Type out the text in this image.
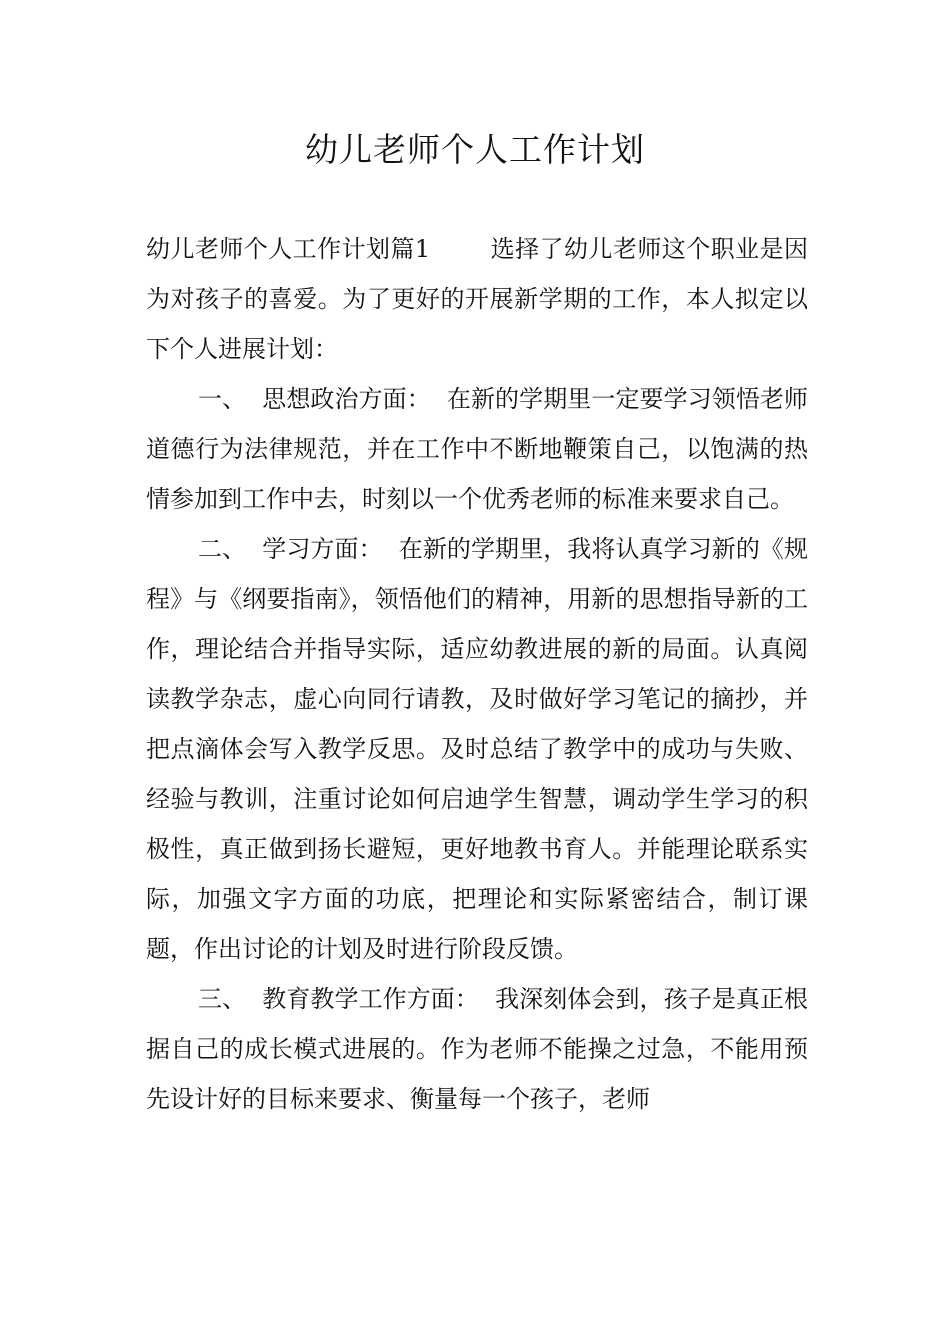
幼儿老师个人工作计划

幼儿老师个人工作计划篇1	选择了幼儿老师这个职业是因为对孩子的喜爱。为了更好的开展新学期的工作，本人拟定以下个人进展计划：

一、 思想政治方面： 在新的学期里一定要学习领悟老师道德行为法律规范，并在工作中不断地鞭策自己，以饱满的热情参加到工作中去，时刻以一个优秀老师的标准来要求自己。

二、 学习方面： 在新的学期里，我将认真学习新的《规程》与《纲要指南》，领悟他们的精神，用新的思想指导新的工作，理论结合并指导实际，适应幼教进展的新的局面。认真阅读教学杂志，虚心向同行请教，及时做好学习笔记的摘抄，并把点滴体会写入教学反思。及时总结了教学中的成功与失败、经验与教训，注重讨论如何启迪学生智慧，调动学生学习的积极性，真正做到扬长避短，更好地教书育人。并能理论联系实际，加强文字方面的功底，把理论和实际紧密结合，制订课题，作出讨论的计划及时进行阶段反馈。

三、 教育教学工作方面： 我深刻体会到，孩子是真正根据自己的成长模式进展的。作为老师不能操之过急，不能用预先设计好的目标来要求、衡量每一个孩子，老师
